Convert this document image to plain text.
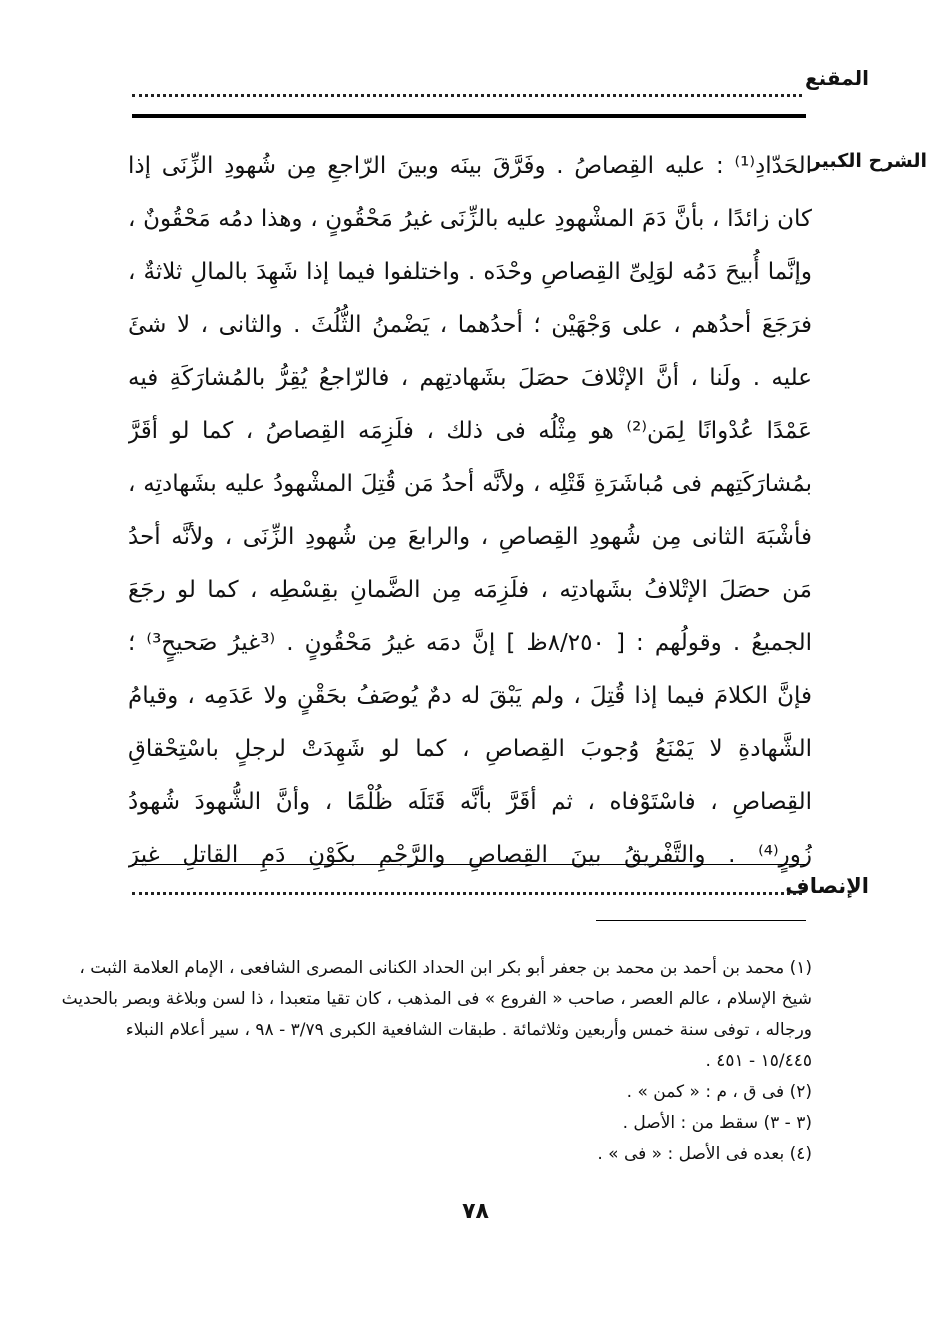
المقنع
الشرح الكبير
الحَدّادِ⁽¹⁾ : عليه القِصاصُ . وفَرَّقَ بينَه وبينَ الرّاجعِ مِن شُهودِ الزِّنَى إذا
كان زائدًا ، بأنَّ دَمَ المشْهودِ عليه بالزِّنَى غيرُ مَحْقُونٍ ، وهذا دمُه مَحْقُونٌ ،
وإنَّما أُبيحَ دَمُه لوَلِىِّ القِصاصِ وحْدَه . واختلفوا فيما إذا شَهِدَ بالمالِ ثلاثةٌ ،
فرَجَعَ أحدُهم ، على وَجْهَيْن ؛ أحدُهما ، يَضْمنُ الثُّلُثَ . والثانى ، لا شئَ
عليه . ولَنا ، أنَّ الإتْلافَ حصَلَ بشَهادتِهم ، فالرّاجعُ يُقِرُّ بالمُشارَكَةِ فيه
عَمْدًا عُدْوانًا لِمَن⁽²⁾ هو مِثْلُه فى ذلك ، فلَزِمَه القِصاصُ ، كما لو أقَرَّ
بمُشارَكَتِهم فى مُباشَرَةِ قَتْلِه ، ولأنَّه أحدُ مَن قُتِلَ المشْهودُ عليه بشَهادتِه ،
فأشْبَهَ الثانى مِن شُهودِ القِصاصِ ، والرابعَ مِن شُهودِ الزِّنَى ، ولأنَّه أحدُ
مَن حصَلَ الإتْلافُ بشَهادتِه ، فلَزِمَه مِن الضَّمانِ بقِسْطِه ، كما لو رجَعَ
الجميعُ . وقولُهم : [ ٨/٢٥٠ظ ] إنَّ دمَه غيرُ مَحْقُونٍ . ⁽³غيرُ صَحيحٍ³⁾ ؛
فإنَّ الكلامَ فيما إذا قُتِلَ ، ولم يَبْقَ له دمٌ يُوصَفُ بحَقْنٍ ولا عَدَمِه ، وقيامُ
الشَّهادةِ لا يَمْنَعُ وُجوبَ القِصاصِ ، كما لو شَهِدَتْ لرجلٍ باسْتِحْقاقِ
القِصاصِ ، فاسْتَوْفاه ، ثم أقَرَّ بأنَّه قَتَلَه ظُلْمًا ، وأنَّ الشُّهودَ شُهودُ
زُورٍ⁽⁴⁾ . والتَّفْريقُ بينَ القِصاصِ والرَّجْمِ بكَوْنِ دَمِ القاتلِ غيرَ
الإنصاف
(١) محمد بن أحمد بن محمد بن جعفر أبو بكر ابن الحداد الكنانى المصرى الشافعى ، الإمام العلامة الثبت ،
شيخ الإسلام ، عالم العصر ، صاحب « الفروع » فى المذهب ، كان تقيا متعبدا ، ذا لسن وبلاغة وبصر بالحديث
ورجاله ، توفى سنة خمس وأربعين وثلاثمائة . طبقات الشافعية الكبرى ٣/٧٩ - ٩٨ ، سير أعلام النبلاء
١٥/٤٤٥ - ٤٥١ .
(٢) فى ق ، م : « كمن » .
(٣ - ٣) سقط من : الأصل .
(٤) بعده فى الأصل : « فى » .
٧٨
